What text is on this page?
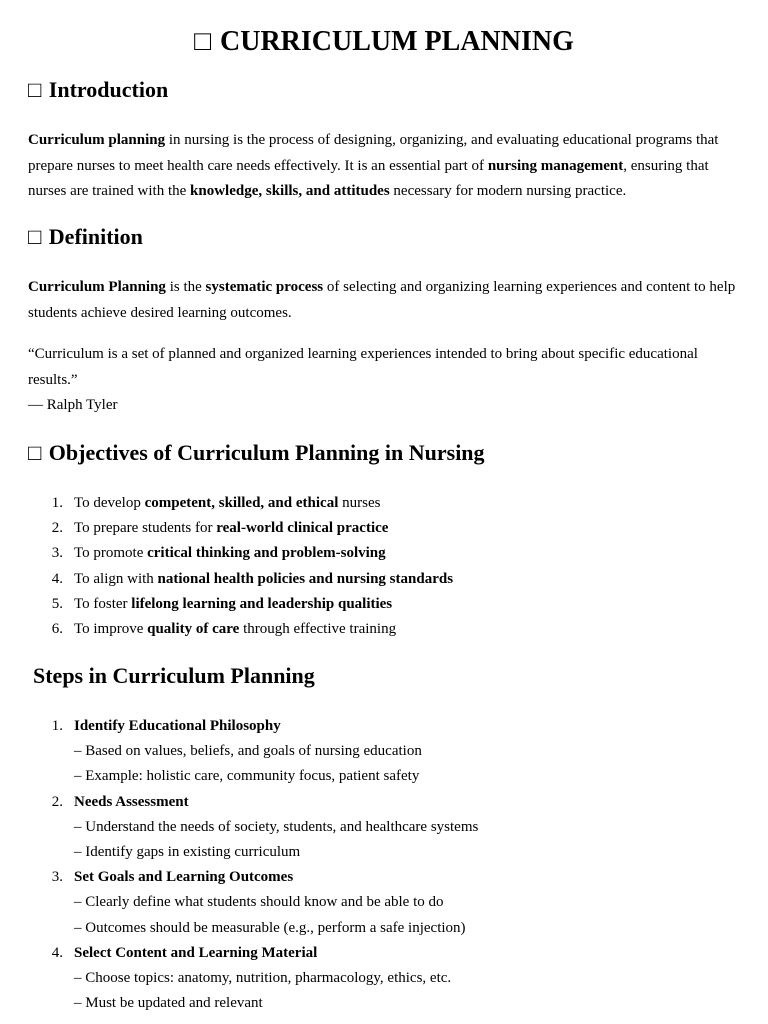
□ CURRICULUM PLANNING
□ Introduction
Curriculum planning in nursing is the process of designing, organizing, and evaluating educational programs that prepare nurses to meet health care needs effectively. It is an essential part of nursing management, ensuring that nurses are trained with the knowledge, skills, and attitudes necessary for modern nursing practice.
□ Definition
Curriculum Planning is the systematic process of selecting and organizing learning experiences and content to help students achieve desired learning outcomes.
“Curriculum is a set of planned and organized learning experiences intended to bring about specific educational results.”
— Ralph Tyler
□ Objectives of Curriculum Planning in Nursing
1. To develop competent, skilled, and ethical nurses
2. To prepare students for real-world clinical practice
3. To promote critical thinking and problem-solving
4. To align with national health policies and nursing standards
5. To foster lifelong learning and leadership qualities
6. To improve quality of care through effective training
Steps in Curriculum Planning
1. Identify Educational Philosophy
– Based on values, beliefs, and goals of nursing education
– Example: holistic care, community focus, patient safety
2. Needs Assessment
– Understand the needs of society, students, and healthcare systems
– Identify gaps in existing curriculum
3. Set Goals and Learning Outcomes
– Clearly define what students should know and be able to do
– Outcomes should be measurable (e.g., perform a safe injection)
4. Select Content and Learning Material
– Choose topics: anatomy, nutrition, pharmacology, ethics, etc.
– Must be updated and relevant
